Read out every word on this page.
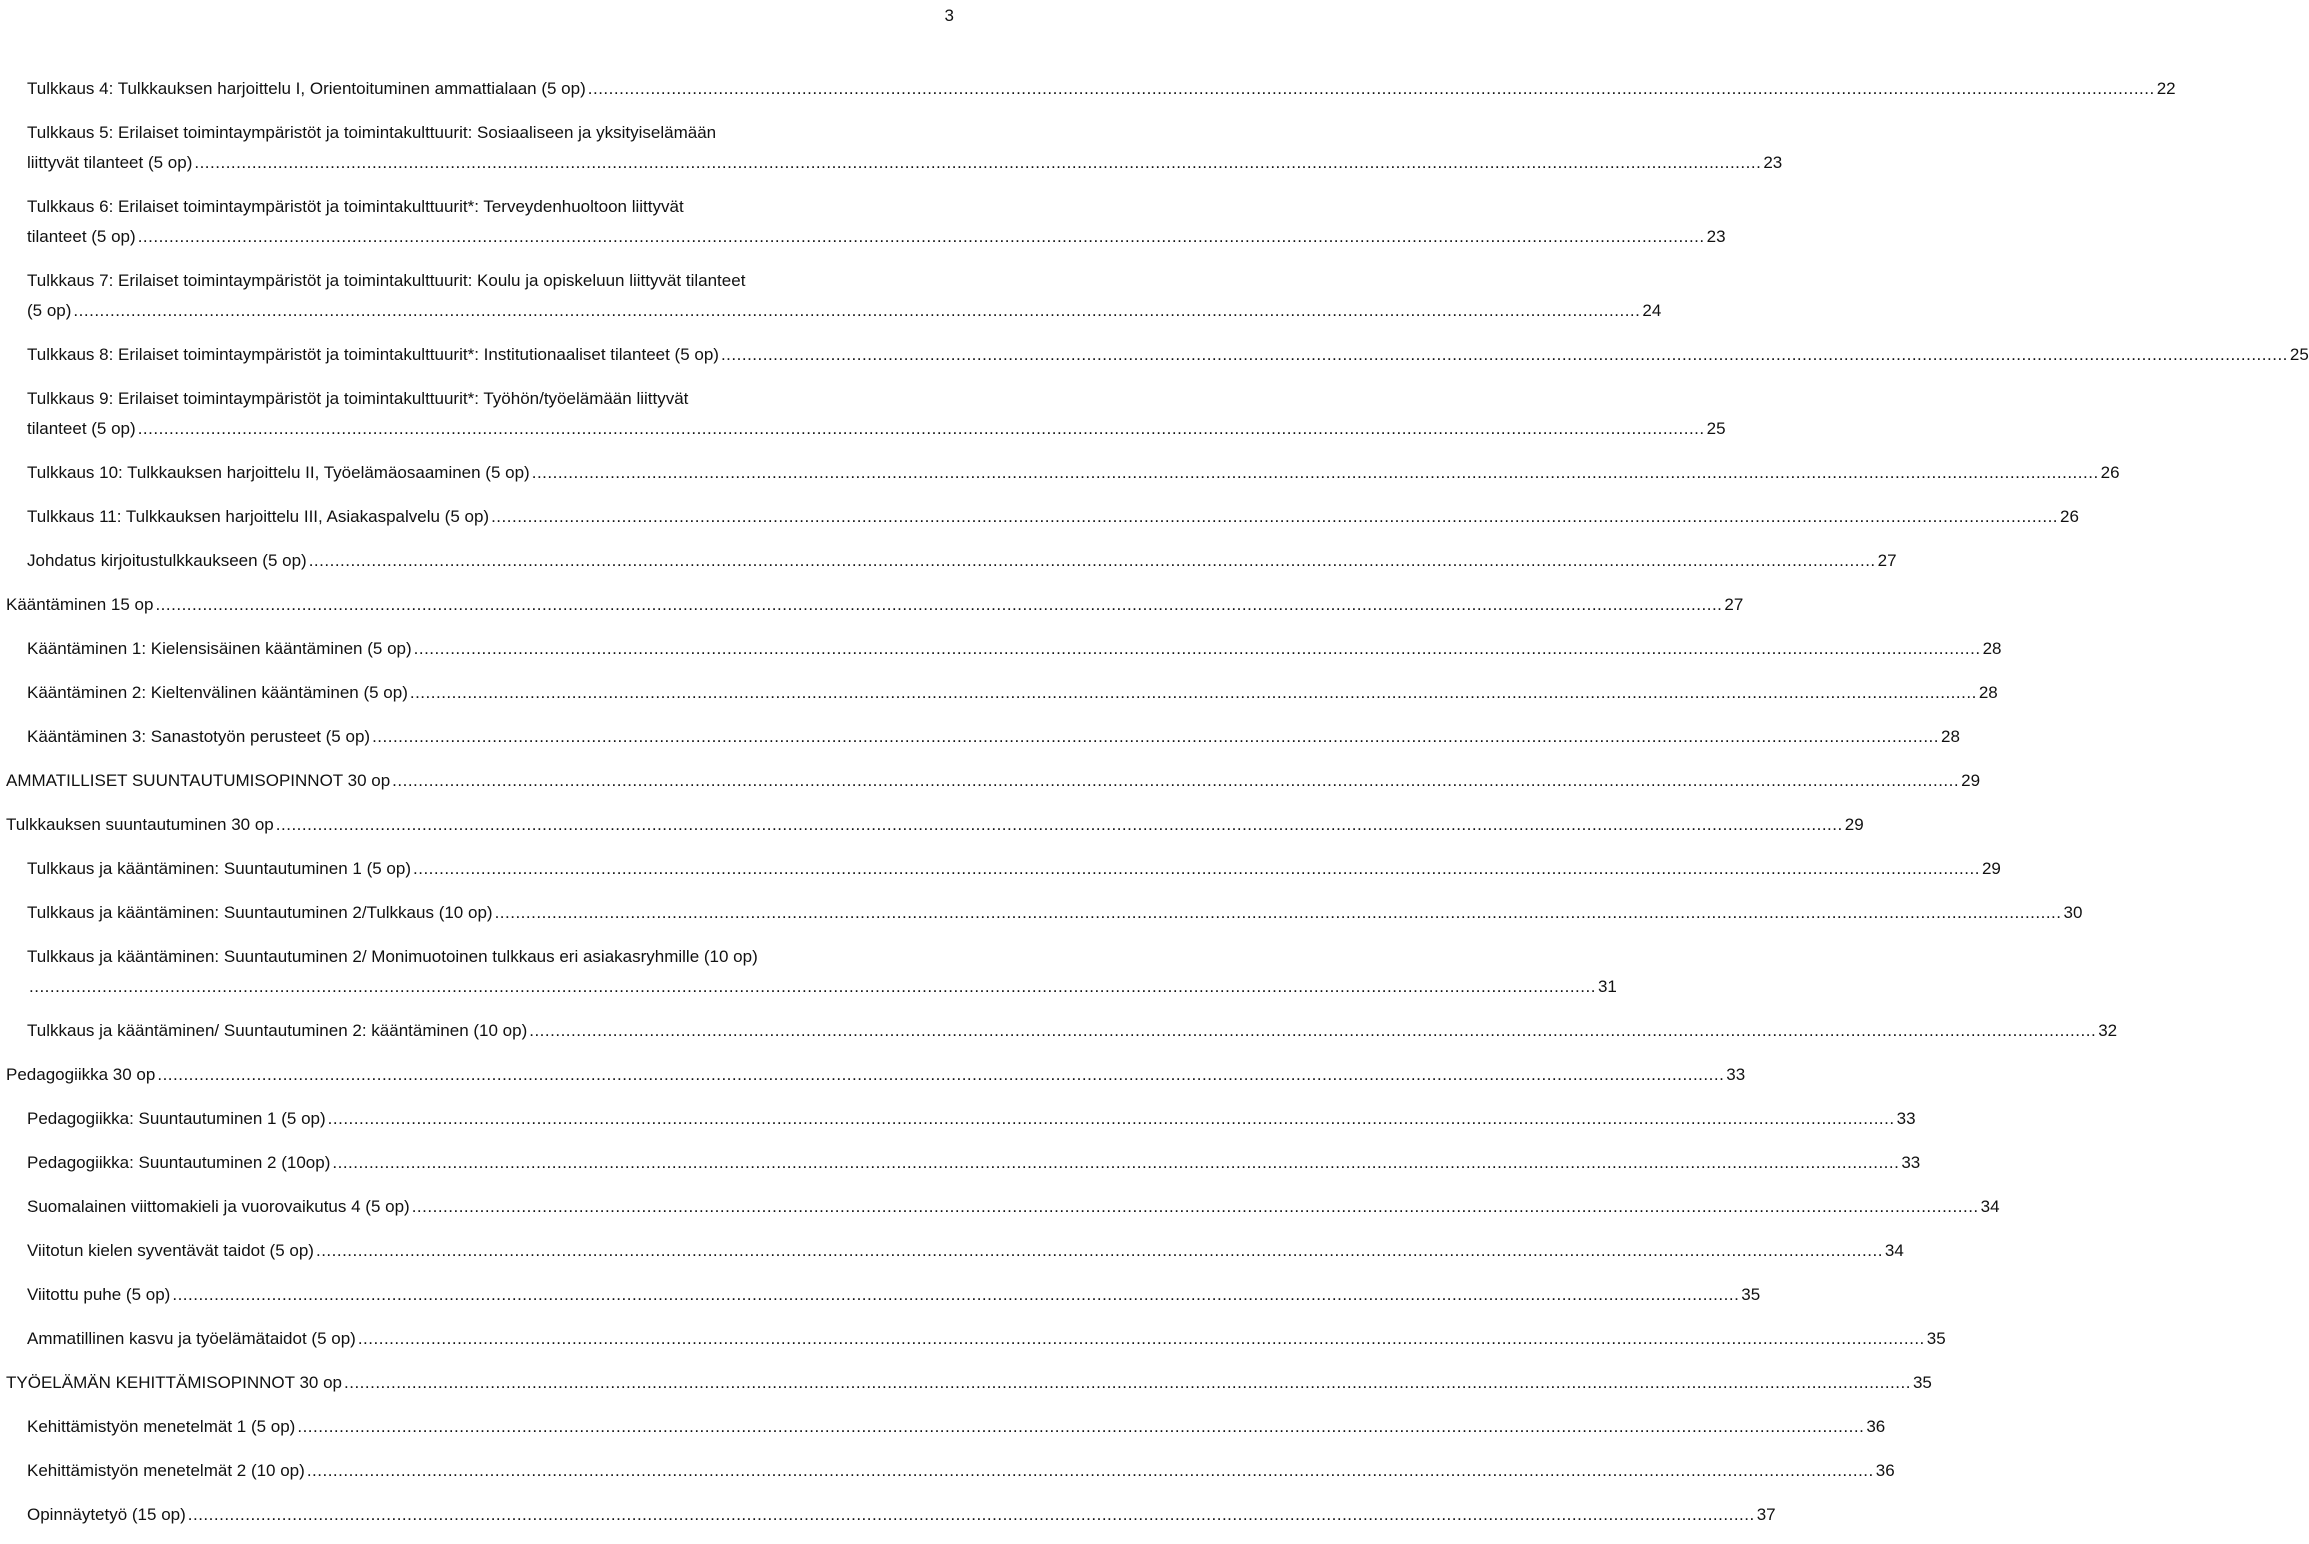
3
Tulkkaus 4: Tulkkauksen harjoittelu I, Orientoituminen ammattialaan (5 op) ............................................................................................................................................................................................................................................................................................................ 22
Tulkkaus 5: Erilaiset toimintaympäristöt ja toimintakulttuurit: Sosiaaliseen ja yksityiselämään
liittyvät tilanteet (5 op) ............................................................................................................................................................................................................................................................................................................ 23
Tulkkaus 6: Erilaiset toimintaympäristöt ja toimintakulttuurit*: Terveydenhuoltoon liittyvät
tilanteet (5 op) ............................................................................................................................................................................................................................................................................................................ 23
Tulkkaus 7: Erilaiset toimintaympäristöt ja toimintakulttuurit: Koulu ja opiskeluun liittyvät tilanteet
(5 op) ............................................................................................................................................................................................................................................................................................................ 24
Tulkkaus 8: Erilaiset toimintaympäristöt ja toimintakulttuurit*: Institutionaaliset tilanteet (5 op) ............................................................................................................................................................................................................................................................................................................ 25
Tulkkaus 9: Erilaiset toimintaympäristöt ja toimintakulttuurit*: Työhön/työelämään liittyvät
tilanteet (5 op) ............................................................................................................................................................................................................................................................................................................ 25
Tulkkaus 10: Tulkkauksen harjoittelu II, Työelämäosaaminen (5 op) ............................................................................................................................................................................................................................................................................................................ 26
Tulkkaus 11: Tulkkauksen harjoittelu III, Asiakaspalvelu (5 op) ............................................................................................................................................................................................................................................................................................................ 26
Johdatus kirjoitustulkkaukseen (5 op) ............................................................................................................................................................................................................................................................................................................ 27
Kääntäminen 15 op ............................................................................................................................................................................................................................................................................................................ 27
Kääntäminen 1: Kielensisäinen kääntäminen (5 op) ............................................................................................................................................................................................................................................................................................................ 28
Kääntäminen 2: Kieltenvälinen kääntäminen (5 op) ............................................................................................................................................................................................................................................................................................................ 28
Kääntäminen 3: Sanastotyön perusteet (5 op) ............................................................................................................................................................................................................................................................................................................ 28
AMMATILLISET SUUNTAUTUMISOPINNOT 30 op ............................................................................................................................................................................................................................................................................................................ 29
Tulkkauksen suuntautuminen 30 op ............................................................................................................................................................................................................................................................................................................ 29
Tulkkaus ja kääntäminen: Suuntautuminen 1 (5 op) ............................................................................................................................................................................................................................................................................................................ 29
Tulkkaus ja kääntäminen: Suuntautuminen 2/Tulkkaus (10 op) ............................................................................................................................................................................................................................................................................................................ 30
Tulkkaus ja kääntäminen: Suuntautuminen 2/ Monimuotoinen tulkkaus eri asiakasryhmille (10 op)
............................................................................................................................................................................................................................................................................................................ 31
Tulkkaus ja kääntäminen/ Suuntautuminen 2: kääntäminen (10 op) ............................................................................................................................................................................................................................................................................................................ 32
Pedagogiikka 30 op ............................................................................................................................................................................................................................................................................................................ 33
Pedagogiikka: Suuntautuminen 1 (5 op) ............................................................................................................................................................................................................................................................................................................ 33
Pedagogiikka: Suuntautuminen 2 (10op) ............................................................................................................................................................................................................................................................................................................ 33
Suomalainen viittomakieli ja vuorovaikutus 4 (5 op) ............................................................................................................................................................................................................................................................................................................ 34
Viitotun kielen syventävät taidot (5 op) ............................................................................................................................................................................................................................................................................................................ 34
Viitottu puhe (5 op) ............................................................................................................................................................................................................................................................................................................ 35
Ammatillinen kasvu ja työelämätaidot (5 op) ............................................................................................................................................................................................................................................................................................................ 35
TYÖELÄMÄN KEHITTÄMISOPINNOT 30 op ............................................................................................................................................................................................................................................................................................................ 35
Kehittämistyön menetelmät 1 (5 op) ............................................................................................................................................................................................................................................................................................................ 36
Kehittämistyön menetelmät 2 (10 op) ............................................................................................................................................................................................................................................................................................................ 36
Opinnäytetyö (15 op) ............................................................................................................................................................................................................................................................................................................ 37
